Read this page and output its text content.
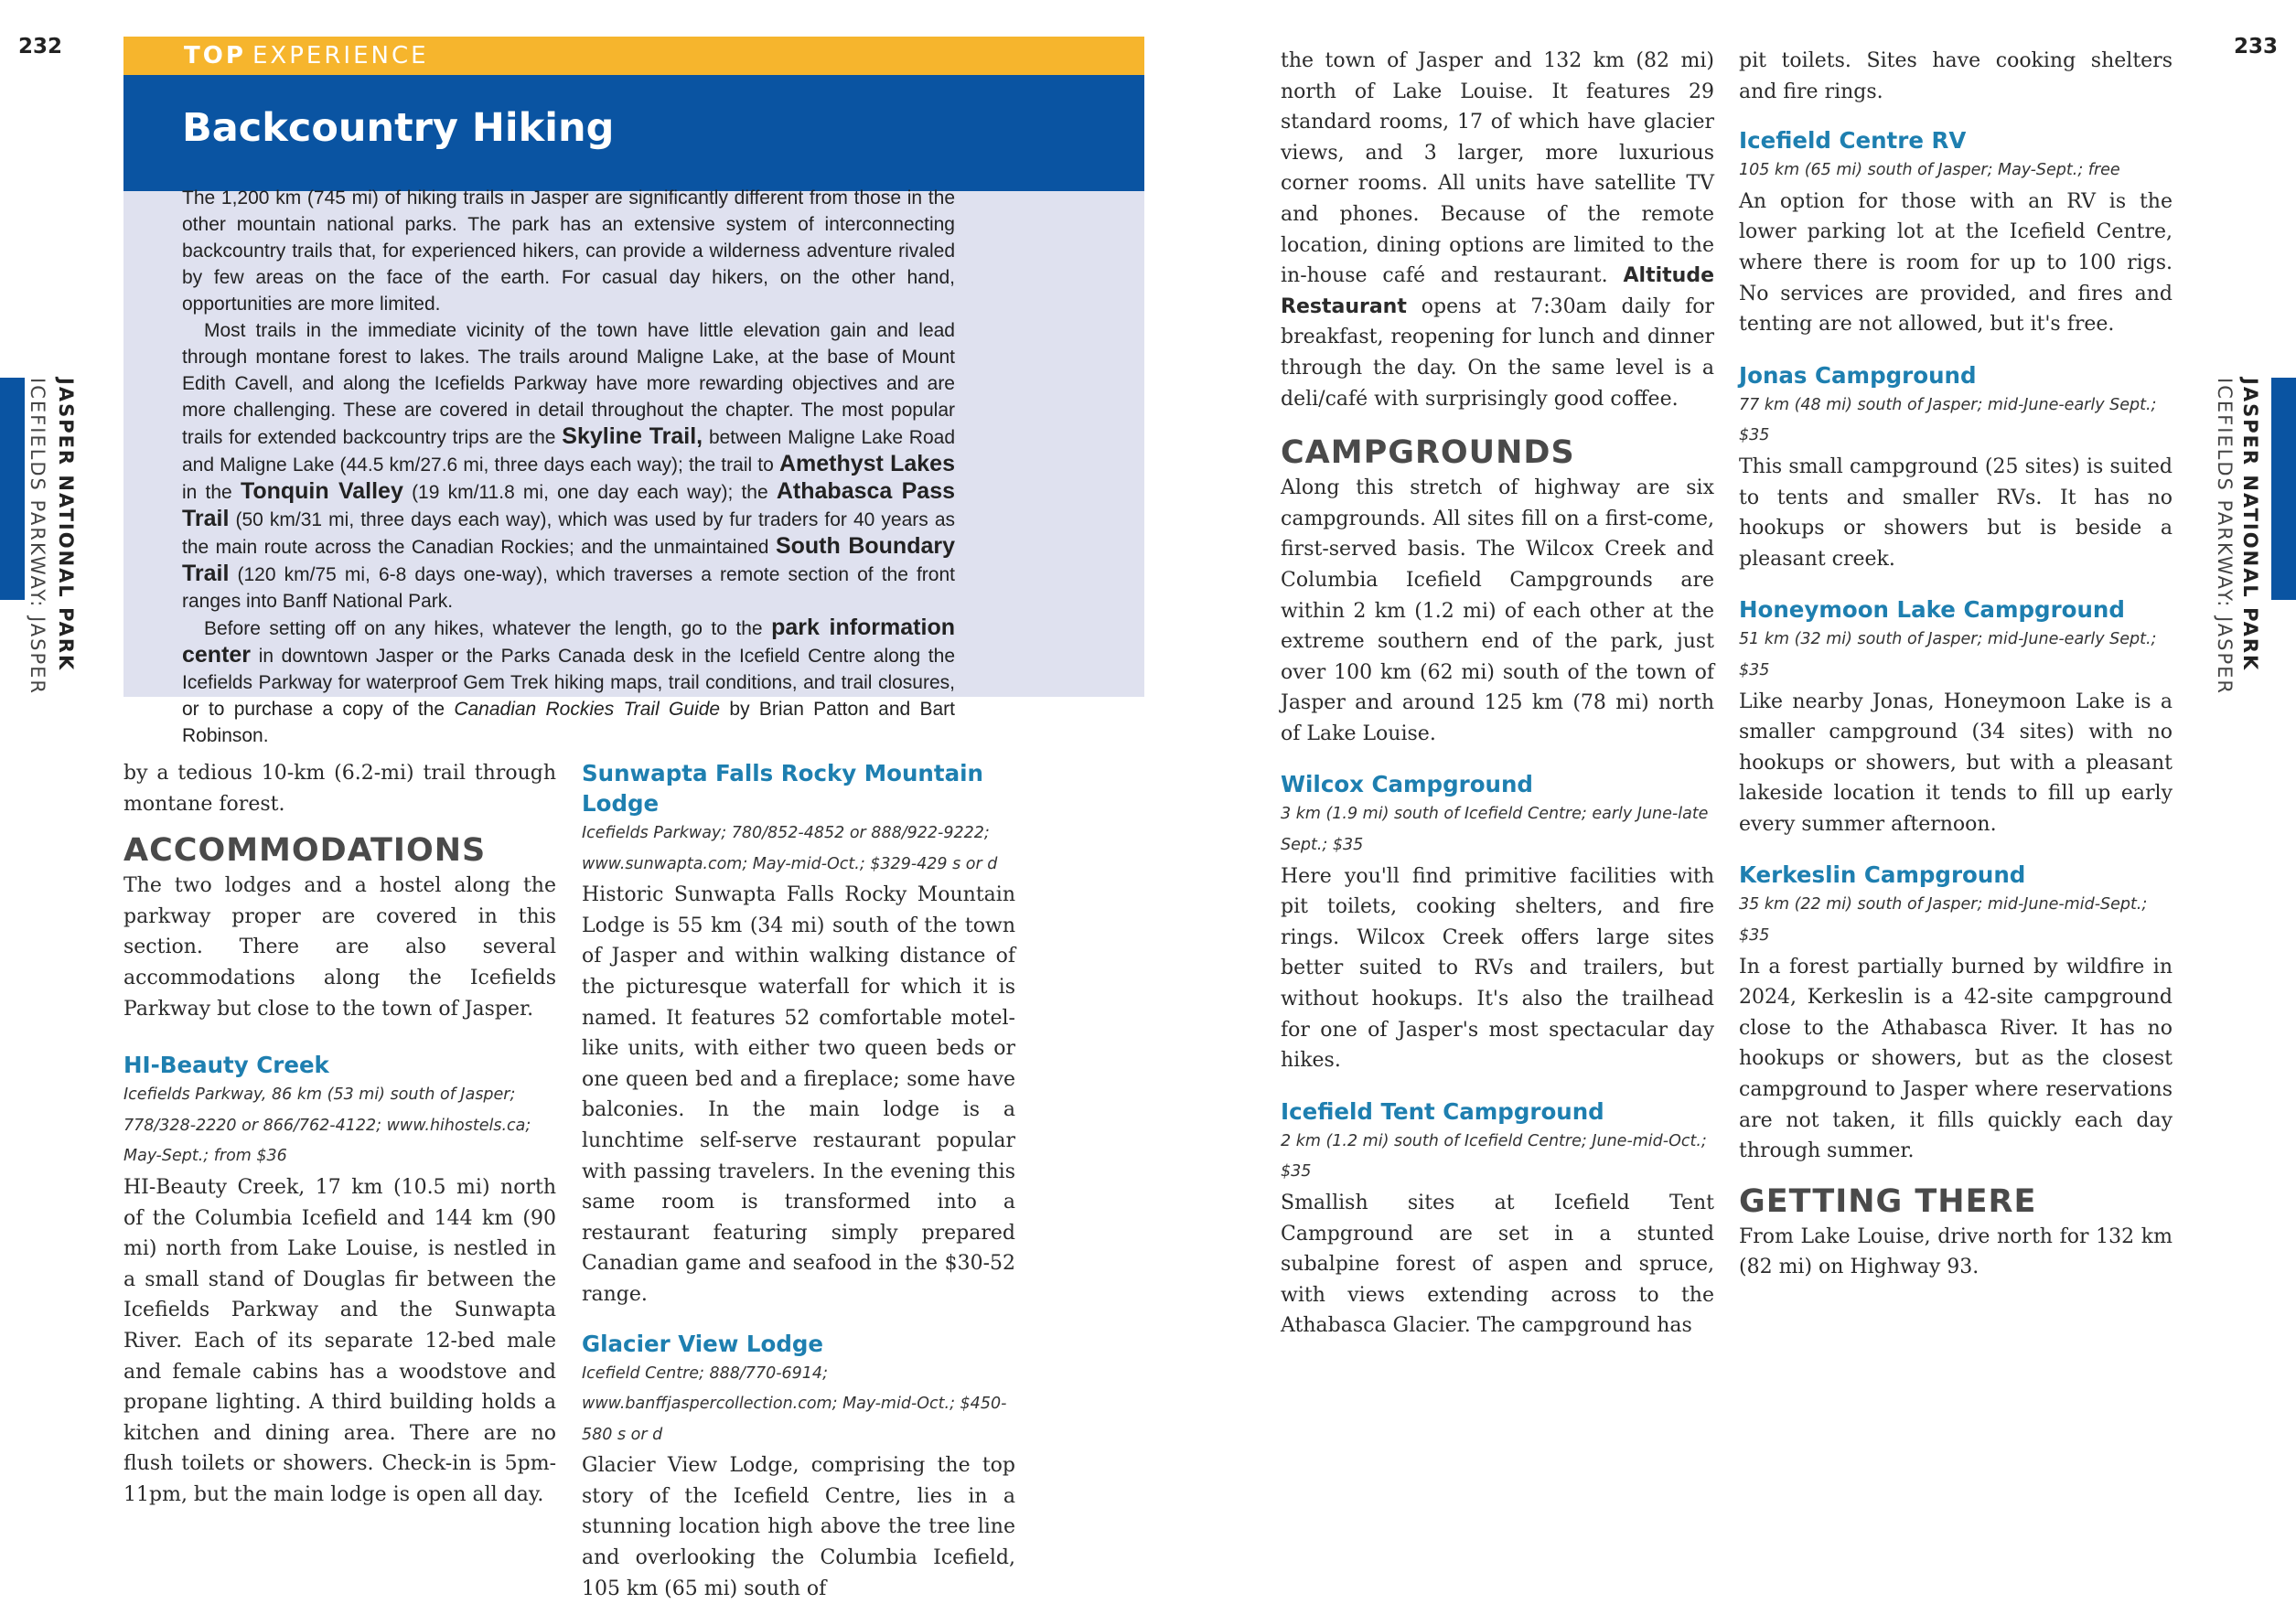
232	233
JASPER NATIONAL PARK
ICEFIELDS PARKWAY: JASPER	JASPER NATIONAL PARK
ICEFIELDS PARKWAY: JASPER
TOP EXPERIENCE
Backcountry Hiking

The 1,200 km (745 mi) of hiking trails in Jasper are significantly different from those in the other mountain national parks. The park has an extensive system of interconnecting backcountry trails that, for experienced hikers, can provide a wilderness adventure rivaled by few areas on the face of the earth. For casual day hikers, on the other hand, opportunities are more limited.

Most trails in the immediate vicinity of the town have little elevation gain and lead through montane forest to lakes. The trails around Maligne Lake, at the base of Mount Edith Cavell, and along the Icefields Parkway have more rewarding objectives and are more challenging. These are covered in detail throughout the chapter. The most popular trails for extended backcountry trips are the Skyline Trail, between Maligne Lake Road and Maligne Lake (44.5 km/27.6 mi, three days each way); the trail to Amethyst Lakes in the Tonquin Valley (19 km/11.8 mi, one day each way); the Athabasca Pass Trail (50 km/31 mi, three days each way), which was used by fur traders for 40 years as the main route across the Canadian Rockies; and the unmaintained South Boundary Trail (120 km/75 mi, 6-8 days one-way), which traverses a remote section of the front ranges into Banff National Park.

Before setting off on any hikes, whatever the length, go to the park information center in downtown Jasper or the Parks Canada desk in the Icefield Centre along the Icefields Parkway for waterproof Gem Trek hiking maps, trail conditions, and trail closures, or to purchase a copy of the Canadian Rockies Trail Guide by Brian Patton and Bart Robinson.

by a tedious 10-km (6.2-mi) trail through montane forest.

ACCOMMODATIONS

The two lodges and a hostel along the parkway proper are covered in this section. There are also several accommodations along the Icefields Parkway but close to the town of Jasper.

HI-Beauty Creek
Icefields Parkway, 86 km (53 mi) south of Jasper; 778/328-2220 or 866/762-4122; www.hihostels.ca; May-Sept.; from $36

HI-Beauty Creek, 17 km (10.5 mi) north of the Columbia Icefield and 144 km (90 mi) north from Lake Louise, is nestled in a small stand of Douglas fir between the Icefields Parkway and the Sunwapta River. Each of its separate 12-bed male and female cabins has a woodstove and propane lighting. A third building holds a kitchen and dining area. There are no flush toilets or showers. Check-in is 5pm-11pm, but the main lodge is open all day.

Sunwapta Falls Rocky Mountain Lodge
Icefields Parkway; 780/852-4852 or 888/922-9222; www.sunwapta.com; May-mid-Oct.; $329-429 s or d

Historic Sunwapta Falls Rocky Mountain Lodge is 55 km (34 mi) south of the town of Jasper and within walking distance of the picturesque waterfall for which it is named. It features 52 comfortable motel-like units, with either two queen beds or one queen bed and a fireplace; some have balconies. In the main lodge is a lunchtime self-serve restaurant popular with passing travelers. In the evening this same room is transformed into a restaurant featuring simply prepared Canadian game and seafood in the $30-52 range.

Glacier View Lodge
Icefield Centre; 888/770-6914; www.banffjaspercollection.com; May-mid-Oct.; $450-580 s or d

Glacier View Lodge, comprising the top story of the Icefield Centre, lies in a stunning location high above the tree line and overlooking the Columbia Icefield, 105 km (65 mi) south of

the town of Jasper and 132 km (82 mi) north of Lake Louise. It features 29 standard rooms, 17 of which have glacier views, and 3 larger, more luxurious corner rooms. All units have satellite TV and phones. Because of the remote location, dining options are limited to the in-house café and restaurant. Altitude Restaurant opens at 7:30am daily for breakfast, reopening for lunch and dinner through the day. On the same level is a deli/café with surprisingly good coffee.

CAMPGROUNDS

Along this stretch of highway are six campgrounds. All sites fill on a first-come, first-served basis. The Wilcox Creek and Columbia Icefield Campgrounds are within 2 km (1.2 mi) of each other at the extreme southern end of the park, just over 100 km (62 mi) south of the town of Jasper and around 125 km (78 mi) north of Lake Louise.

Wilcox Campground
3 km (1.9 mi) south of Icefield Centre; early June-late Sept.; $35

Here you'll find primitive facilities with pit toilets, cooking shelters, and fire rings. Wilcox Creek offers large sites better suited to RVs and trailers, but without hookups. It's also the trailhead for one of Jasper's most spectacular day hikes.

Icefield Tent Campground
2 km (1.2 mi) south of Icefield Centre; June-mid-Oct.; $35

Smallish sites at Icefield Tent Campground are set in a stunted subalpine forest of aspen and spruce, with views extending across to the Athabasca Glacier. The campground has

pit toilets. Sites have cooking shelters and fire rings.

Icefield Centre RV
105 km (65 mi) south of Jasper; May-Sept.; free

An option for those with an RV is the lower parking lot at the Icefield Centre, where there is room for up to 100 rigs. No services are provided, and fires and tenting are not allowed, but it's free.

Jonas Campground
77 km (48 mi) south of Jasper; mid-June-early Sept.; $35

This small campground (25 sites) is suited to tents and smaller RVs. It has no hookups or showers but is beside a pleasant creek.

Honeymoon Lake Campground
51 km (32 mi) south of Jasper; mid-June-early Sept.; $35

Like nearby Jonas, Honeymoon Lake is a smaller campground (34 sites) with no hookups or showers, but with a pleasant lakeside location it tends to fill up early every summer afternoon.

Kerkeslin Campground
35 km (22 mi) south of Jasper; mid-June-mid-Sept.; $35

In a forest partially burned by wildfire in 2024, Kerkeslin is a 42-site campground close to the Athabasca River. It has no hookups or showers, but as the closest campground to Jasper where reservations are not taken, it fills quickly each day through summer.

GETTING THERE

From Lake Louise, drive north for 132 km (82 mi) on Highway 93.
